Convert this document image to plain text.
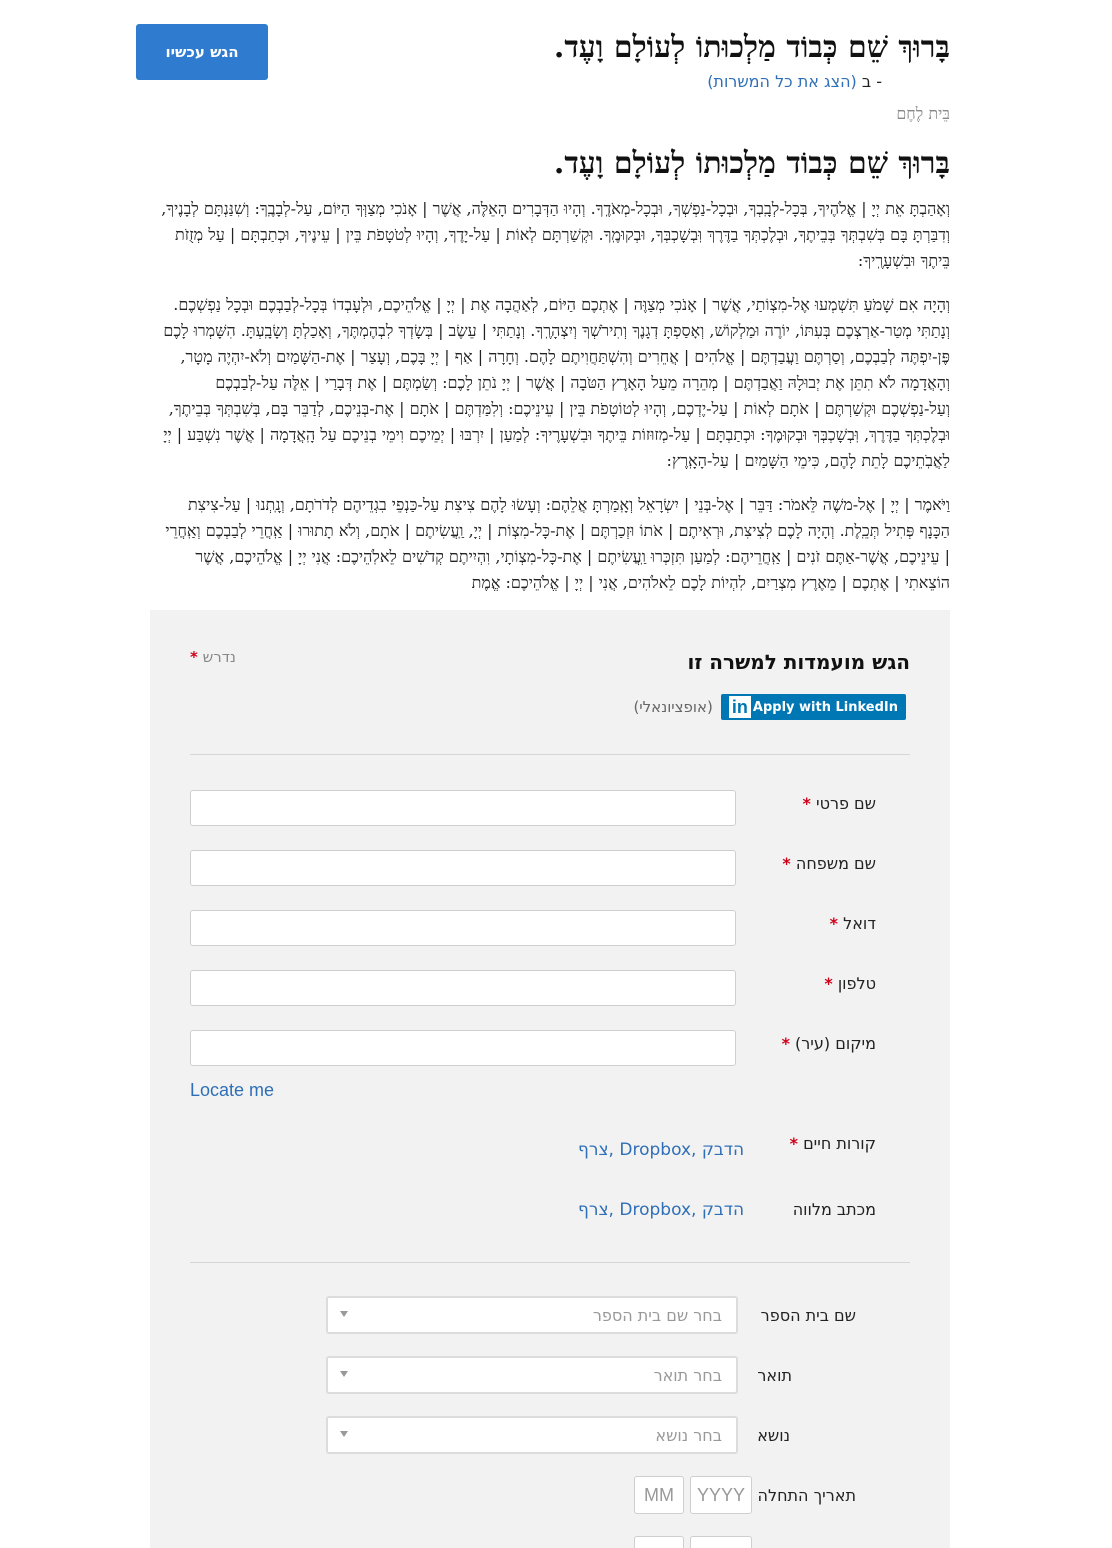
הגש עכשיו	בָּרוּךְ שֵׁם כְּבוֹד מַלְכוּתוֹ לְעוֹלָם וָעֶד.
- ב (הצג את כל המשרות)
בֵּית לֶחֶם
בָּרוּךְ שֵׁם כְּבוֹד מַלְכוּתוֹ לְעוֹלָם וָעֶד.

וְאָהַבְתָּ אֵת יְיָ | אֱלֹהֶיךָ, בְּכָל-לְבָֽבְךָ, וּבְכָל-נַפְשְׁךָ, וּבְכָל-מְאֹדֶֽךָ. וְהָיוּ הַדְּבָרִים הָאֵלֶּה, אֲשֶׁר | אָנֹכִי מְצַוְּךָ הַיּוֹם, עַל-לְבָבֶֽךָ: וְשִׁנַּנְתָּם לְבָנֶיךָ, וְדִבַּרְתָּ בָּם בְּשִׁבְתְּךָ בְּבֵיתֶךָ, וּבְלֶכְתְּךָ בַדֶּרֶךְ וּֽבְשָׁכְבְּךָ, וּבְקוּמֶֽךָ. וּקְשַׁרְתָּם לְאוֹת | עַל-יָדֶךָ, וְהָיוּ לְטֹטָפֹת בֵּין | עֵינֶיךָ, וּכְתַבְתָּם | עַל מְזֻזֹת בֵּיתֶךָ וּבִשְׁעָרֶֽיךָ:

וְהָיָה אִם שָׁמֹעַ תִּשְׁמְעוּ אֶל-מִצְוֹתַי, אֲשֶׁר | אָנֹכִי מְצַוֶּה | אֶתְכֶם הַיּוֹם, לְאַהֲבָה אֶת | יְיָ | אֱלֹהֵיכֶם, וּלְעָבְדוֹ בְּכָל-לְבַבְכֶם וּבְכָל נַפְשְׁכֶם. וְנָתַתִּי מְטַר-אַרְצְכֶם בְּעִתּוֹ, יוֹרֶה וּמַלְקוֹשׁ, וְאָסַפְתָּ דְגָנֶךָ וְתִירֹשְׁךָ וְיִצְהָרֶֽךָ. וְנָתַתִּי | עֵשֶׂב | בְּשָׂדְךָ לִבְהֶמְתֶּךָ, וְאָכַלְתָּ וְשָׂבָֽעְתָּ. הִשָּׁמְרוּ לָכֶם פֶּן-יִפְתֶּה לְבַבְכֶם, וְסַרְתֶּם וַעֲבַדְתֶּם | אֱלֹהִים | אֲחֵרִים וְהִשְׁתַּחֲוִיתֶם לָהֶם. וְחָרָה | אַף | יְיָ בָּכֶם, וְעָצַר | אֶת-הַשָּׁמַיִם וְלֹא-יִהְיֶה מָטָר, וְהָאֲדָמָה לֹא תִתֵּן אֶת יְבוּלָהּ וַאֲבַדְתֶּם | מְהֵרָה מֵעַל הָאָרֶץ הַטֹּבָה | אֲשֶׁר | יְיָ נֹתֵן לָכֶם: וְשַׂמְתֶּם | אֶת דְּבָרַי | אֵלֶּה עַל-לְבַבְכֶם וְעַל-נַפְשְׁכֶם וּקְשַׁרְתֶּם | אֹתָם לְאוֹת | עַל-יֶדְכֶם, וְהָיוּ לְטוֹטָפֹת בֵּין | עֵינֵיכֶם: וְלִמַּדְתֶּם | אֹתָם | אֶת-בְּנֵיכֶם, לְדַבֵּר בָּם, בְּשִׁבְתְּךָ בְּבֵיתֶךָ, וּבְלֶכְתְּךָ בַדֶּרֶךְ, וּֽבְשָׁכְבְּךָ וּבְקוּמֶךָ: וּכְתַבְתָּם | עַל-מְזוּזוֹת בֵּיתֶךָ וּבִשְׁעָרֶיךָ: לְמַעַן | יִרְבּוּ | יְמֵיכֶם וִימֵי בְנֵיכֶם עַל הָֽאֲדָמָה | אֲשֶׁר נִשְׁבַּע | יְיָ לַאֲבֹֽתֵיכֶם לָתֵת לָהֶם, כִּימֵי הַשָּׁמַיִם | עַל-הָאָֽרֶץ:

וַיֹּאמֶר | יְיָ | אֶל-משֶׁה לֵּאמֹר: דַּבֵּר | אֶל-בְּנֵי | יִשְׂרָאֵל וְאָֽמַרְתָּ אֲלֵהֶם: וְעָשׂוּ לָהֶם צִיצִת עַל-כַּנְפֵי בִגְדֵיהֶם לְדֹרֹתָם, וְנָֽתְנוּ | עַל-צִיצִת הַכָּנָף פְּתִיל תְּכֵֽלֶת. וְהָיָה לָכֶם לְצִיצִת, וּרְאִיתֶם | אֹתוֹ וּזְכַרְתֶּם | אֶת-כָּל-מִצְוֹת | יְיָ, וַֽעֲשִׂיתֶם | אֹתָם, וְלֹא תָתוּרוּ | אַֽחֲרֵי לְבַבְכֶם וְאַֽחֲרֵי | עֵינֵיכֶם, אֲשֶׁר-אַתֶּם זֹנִים | אַֽחֲרֵיהֶם: לְמַעַן תִּזְכְּרוּ וַֽעֲשִׂיתֶם | אֶת-כָּל-מִצְוֹתָי, וִהְיִיתֶם קְדֹשִׁים לֵאלֹֽהֵיכֶם: אֲנִי יְיָ | אֱלֹהֵיכֶם, אֲשֶׁר הוֹצֵאתִי | אֶתְכֶם | מֵאֶרֶץ מִצְרַיִם, לִהְיוֹת לָכֶם לֵאלֹהִים, אֲנִי | יְיָ | אֱלֹהֵיכֶם: אֱמֶת

הגש מועמדות למשרה זו
נדרש *
in Apply with LinkedIn
(אופציונאלי)
שם פרטי *
שם משפחה *
דואל *
טלפון *
מיקום (עיר) *
Locate me
קורות חיים *
הדבק ,Dropbox ,צרף
מכתב מלווה
הדבק ,Dropbox ,צרף
שם בית הספר
בחר שם בית הספר
תואר
בחר תואר
נושא
בחר נושא
תאריך התחלה
YYYY
MM
